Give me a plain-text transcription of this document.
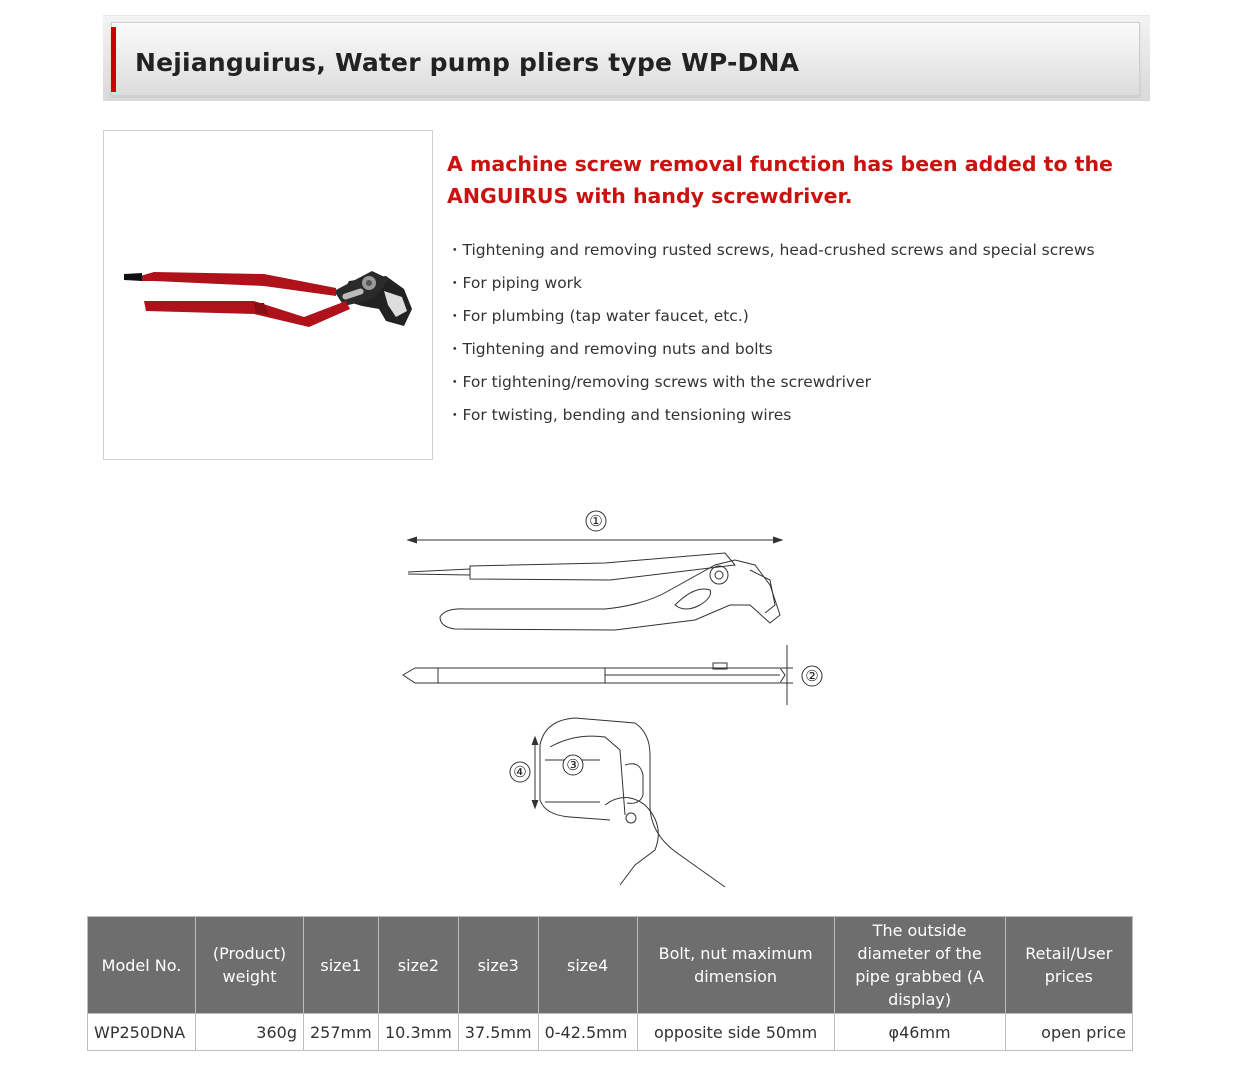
Nejianguirus, Water pump pliers type WP-DNA

A machine screw removal function has been added to the
ANGUIRUS with handy screwdriver.

・Tightening and removing rusted screws, head-crushed screws and special screws
・For piping work
・For plumbing (tap water faucet, etc.)
・Tightening and removing nuts and bolts
・For tightening/removing screws with the screwdriver
・For twisting, bending and tensioning wires
①
②
③
④
Model No.	(Product) weight	size1	size2	size3	size4	Bolt, nut maximum dimension	The outside diameter of the pipe grabbed (A display)	Retail/User prices
WP250DNA	360g	257mm	10.3mm	37.5mm	0-42.5mm	opposite side 50mm	φ46mm	open price
